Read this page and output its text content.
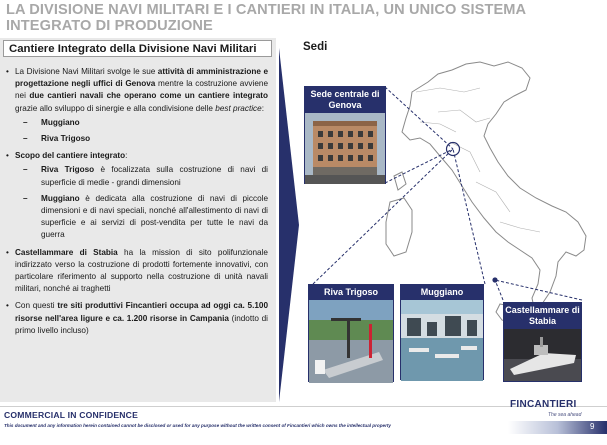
LA DIVISIONE NAVI MILITARI E I CANTIERI IN ITALIA, UN UNICO SISTEMA INTEGRATO DI PRODUZIONE
Cantiere Integrato della Divisione Navi Militari
• La Divisione Navi Militari svolge le sue attività di amministrazione e progettazione negli uffici di Genova mentre la costruzione avviene nei due cantieri navali che operano come un cantiere integrato grazie allo sviluppo di sinergie e alla condivisione delle best practice:
– Muggiano
– Riva Trigoso
• Scopo del cantiere integrato:
– Riva Trigoso è focalizzata sulla costruzione di navi di superficie di medie - grandi dimensioni
– Muggiano è dedicata alla costruzione di navi di piccole dimensioni e di navi speciali, nonché all'allestimento di navi di superficie e ai servizi di post-vendita per tutte le navi da guerra
• Castellammare di Stabia ha la mission di sito polifunzionale indirizzato verso la costruzione di prodotti fortemente innovativi, con particolare riferimento al supporto nella costruzione di unità navali militari, nonché ai traghetti
• Con questi tre siti produttivi Fincantieri occupa ad oggi ca. 5.100 risorse nell'area ligure e ca. 1.200 risorse in Campania (indotto di primo livello incluso)
Sedi
Sede centrale di Genova
Riva Trigoso	Muggiano
Castellammare di Stabia
COMMERCIAL IN CONFIDENCE
This document and any information herein contained cannot be disclosed or used for any purpose without the written consent of Fincantieri which owns the intellectual property
FINCANTIERI
The sea ahead
9
